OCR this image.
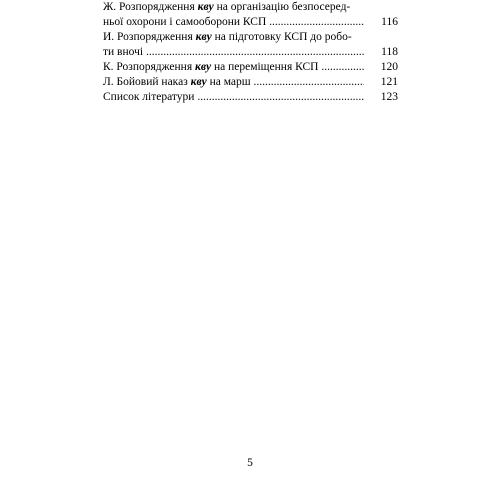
Ж. Розпорядження кву на організацію безпосеред-
ньої охорони і самооборони КСП .....	116
И. Розпорядження кву на підготовку КСП до робо-
ти вночі .....	118
К. Розпорядження кву на переміщення КСП .....	120
Л. Бойовий наказ кву на марш .....	121
Список літератури .....	123
5
